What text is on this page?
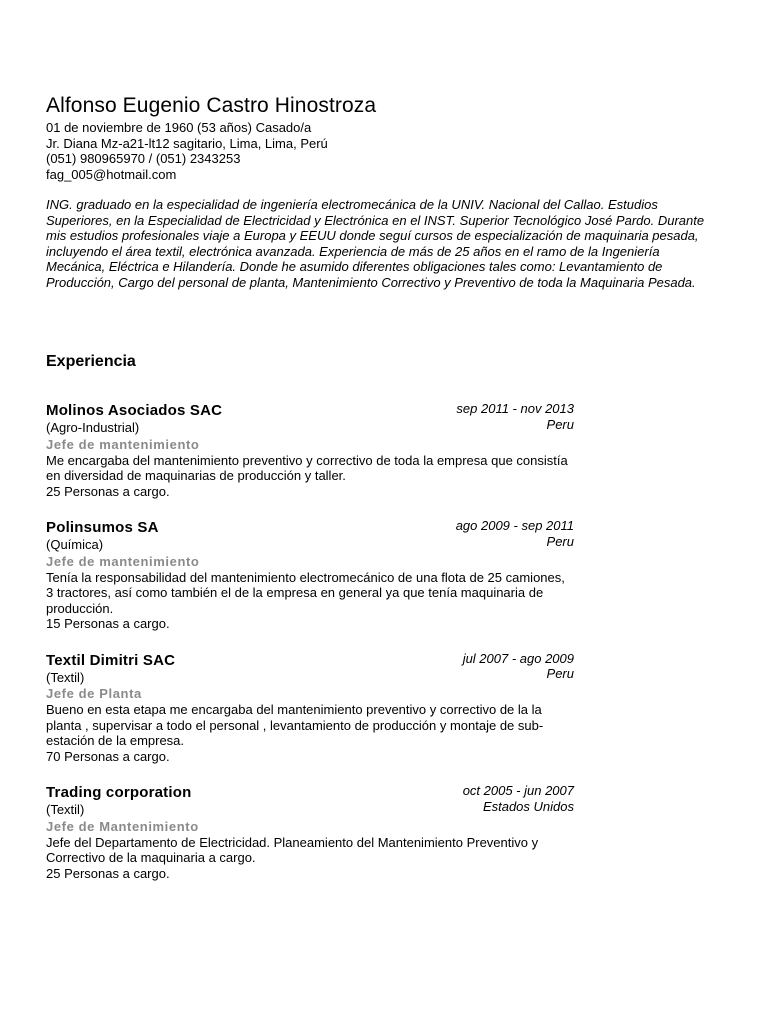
Alfonso Eugenio Castro Hinostroza
01 de noviembre de 1960 (53 años) Casado/a
Jr. Diana Mz-a21-lt12 sagitario, Lima, Lima, Perú
(051) 980965970 / (051) 2343253
fag_005@hotmail.com
ING. graduado en la especialidad de ingeniería electromecánica de la UNIV. Nacional del Callao. Estudios Superiores, en la Especialidad de Electricidad y Electrónica en el INST. Superior Tecnológico José Pardo. Durante mis estudios profesionales viaje a Europa y EEUU donde seguí cursos de especialización de maquinaria pesada, incluyendo el área textil, electrónica avanzada. Experiencia de más de 25 años en el ramo de la Ingeniería Mecánica, Eléctrica e Hilandería. Donde he asumido diferentes obligaciones tales como: Levantamiento de Producción, Cargo del personal de planta, Mantenimiento Correctivo y Preventivo de toda la Maquinaria Pesada.
Experiencia
Molinos Asociados SAC	sep 2011 - nov 2013
Peru
(Agro-Industrial)
Jefe de mantenimiento
Me encargaba del mantenimiento preventivo y correctivo de toda la empresa que consistía en diversidad de maquinarias de producción y taller.
25 Personas a cargo.
Polinsumos SA	ago 2009 - sep 2011
Peru
(Química)
Jefe de mantenimiento
Tenía la responsabilidad del mantenimiento electromecánico de una flota de 25 camiones, 3 tractores, así como también el de la empresa en general ya que tenía maquinaria de producción.
15 Personas a cargo.
Textil Dimitri SAC	jul 2007 - ago 2009
Peru
(Textil)
Jefe de Planta
Bueno en esta etapa me encargaba del mantenimiento preventivo y correctivo de la la planta , supervisar a todo el personal , levantamiento de producción y montaje de sub-estación de la empresa.
70 Personas a cargo.
Trading corporation	oct 2005 - jun 2007
Estados Unidos
(Textil)
Jefe de Mantenimiento
Jefe del Departamento de Electricidad. Planeamiento del Mantenimiento Preventivo y Correctivo de la maquinaria a cargo.
25 Personas a cargo.
